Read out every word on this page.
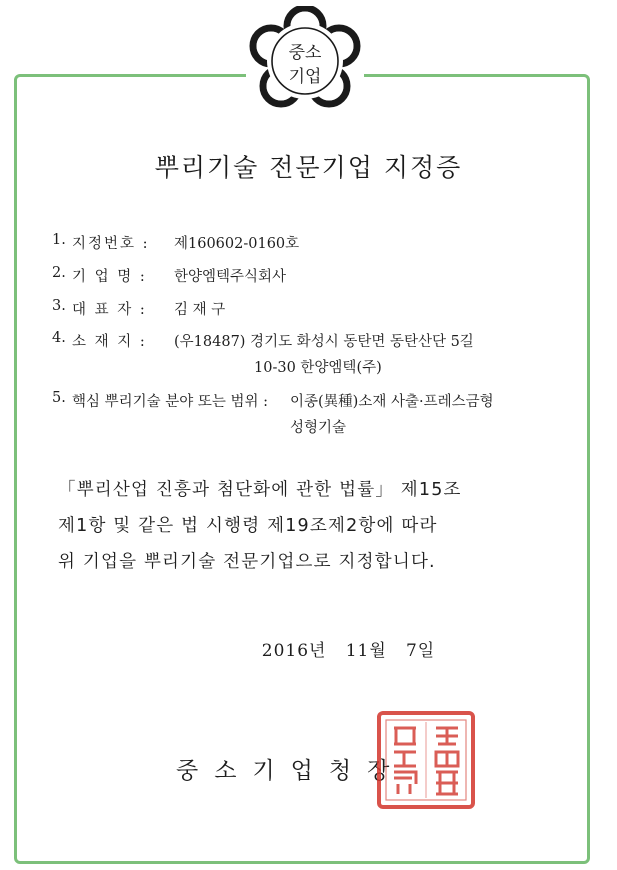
중소
기업
뿌리기술 전문기업 지정증
1. 지정번호 : 제160602-0160호
2. 기 업 명 : 한양엠텍주식회사
3. 대 표 자 : 김 재 구
4. 소 재 지 : (우18487) 경기도 화성시 동탄면 동탄산단 5길
10-30 한양엠텍(주)
5. 핵심 뿌리기술 분야 또는 범위 : 이종(異種)소재 사출·프레스금형
성형기술
「뿌리산업 진흥과 첨단화에 관한 법률」 제15조
제1항 및 같은 법 시행령 제19조제2항에 따라
위 기업을 뿌리기술 전문기업으로 지정합니다.
2016년   11월   7일
중소기업청장
